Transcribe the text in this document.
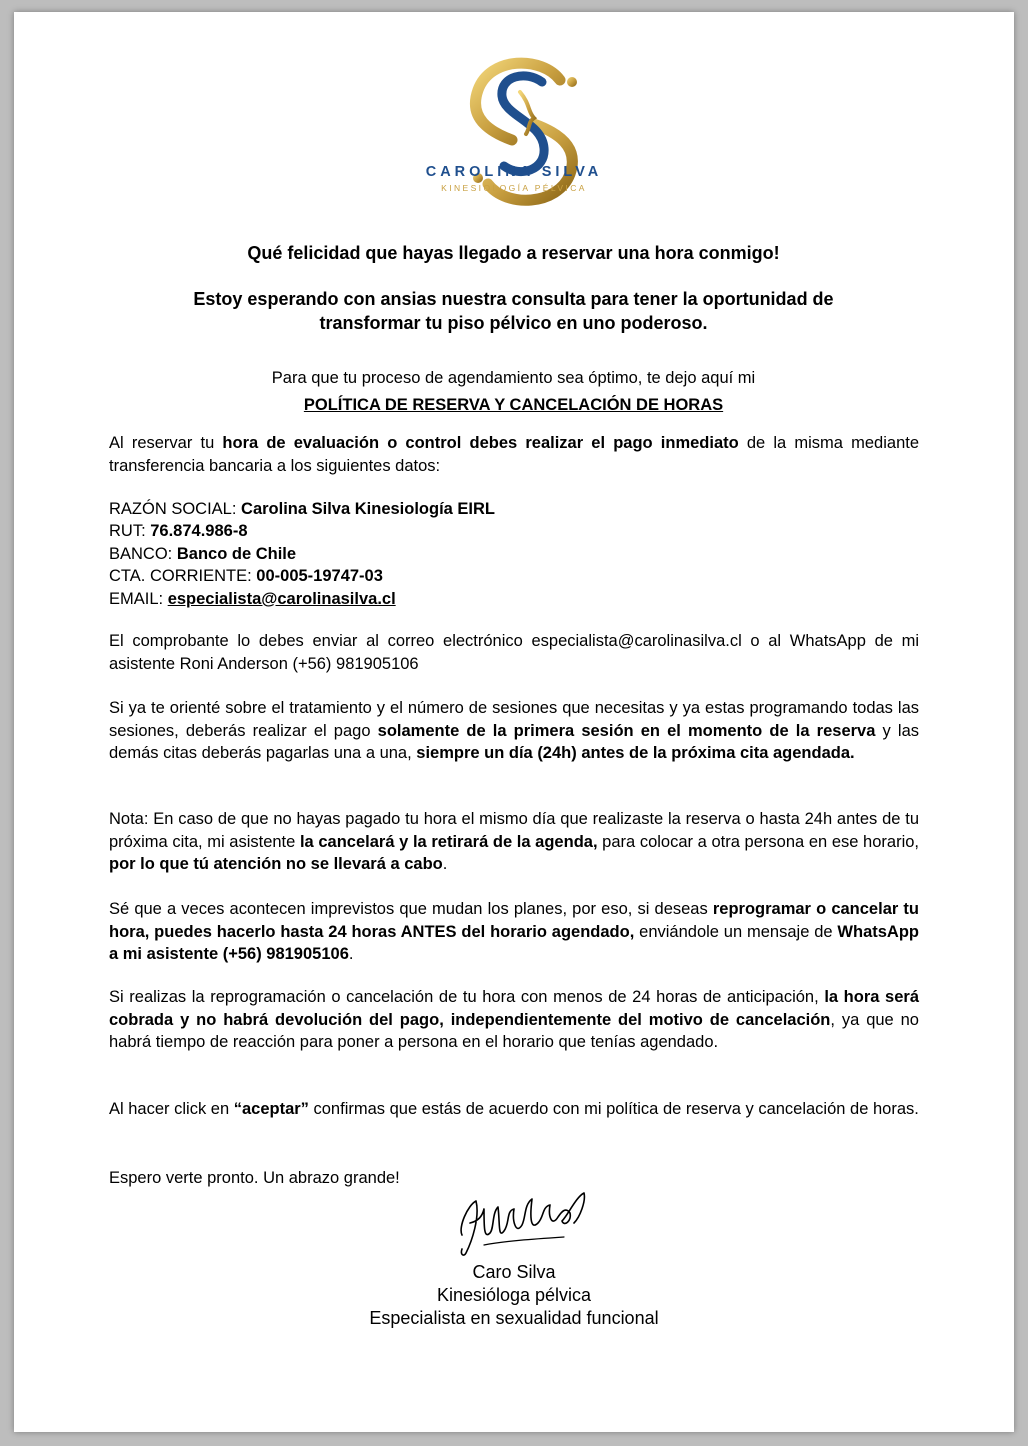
CAROLINA SILVA
KINESIOLOGÍA PÉLVICA
Qué felicidad que hayas llegado a reservar una hora conmigo!
Estoy esperando con ansias nuestra consulta para tener la oportunidad de transformar tu piso pélvico en uno poderoso.
Para que tu proceso de agendamiento sea óptimo, te dejo aquí mi
POLÍTICA DE RESERVA Y CANCELACIÓN DE HORAS
Al reservar tu hora de evaluación o control debes realizar el pago inmediato de la misma mediante transferencia bancaria a los siguientes datos:
RAZÓN SOCIAL: Carolina Silva Kinesiología EIRL
RUT: 76.874.986-8
BANCO: Banco de Chile
CTA. CORRIENTE: 00-005-19747-03
EMAIL: especialista@carolinasilva.cl
El comprobante lo debes enviar al correo electrónico especialista@carolinasilva.cl o al WhatsApp de mi asistente Roni Anderson (+56) 981905106
Si ya te orienté sobre el tratamiento y el número de sesiones que necesitas y ya estas programando todas las sesiones, deberás realizar el pago solamente de la primera sesión en el momento de la reserva y las demás citas deberás pagarlas una a una, siempre un día (24h) antes de la próxima cita agendada.
Nota: En caso de que no hayas pagado tu hora el mismo día que realizaste la reserva o hasta 24h antes de tu próxima cita, mi asistente la cancelará y la retirará de la agenda, para colocar a otra persona en ese horario, por lo que tú atención no se llevará a cabo.
Sé que a veces acontecen imprevistos que mudan los planes, por eso, si deseas reprogramar o cancelar tu hora, puedes hacerlo hasta 24 horas ANTES del horario agendado, enviándole un mensaje de WhatsApp a mi asistente (+56) 981905106.
Si realizas la reprogramación o cancelación de tu hora con menos de 24 horas de anticipación, la hora será cobrada y no habrá devolución del pago, independientemente del motivo de cancelación, ya que no habrá tiempo de reacción para poner a persona en el horario que tenías agendado.
Al hacer click en “aceptar” confirmas que estás de acuerdo con mi política de reserva y cancelación de horas.
Espero verte pronto. Un abrazo grande!
Caro Silva
Kinesióloga pélvica
Especialista en sexualidad funcional
